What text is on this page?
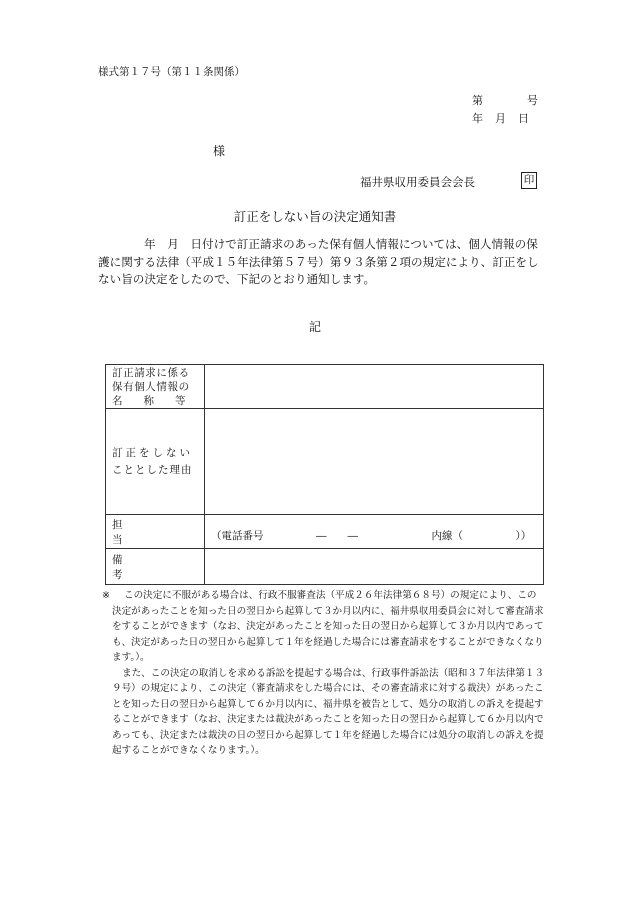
様式第１７号（第１１条関係）
第	号
年 月 日
様
福井県収用委員会会長	印
訂正をしない旨の決定通知書

年　月　日付けで訂正請求のあった保有個人情報については、個人情報の保護に関する法律（平成１５年法律第５７号）第９３条第２項の規定により、訂正をしない旨の決定をしたので、下記のとおり通知します。

記
訂正請求に係る
保有個人情報の
名　　称　　等	

訂正をしない
こととした理由	

担当	（電話番号　　　　　―　　―　　　　　　　内線（　　　　　））

備考	

※ この決定に不服がある場合は、行政不服審査法（平成２６年法律第６８号）の規定により、この決定があったことを知った日の翌日から起算して３か月以内に、福井県収用委員会に対して審査請求をすることができます（なお、決定があったことを知った日の翌日から起算して３か月以内であっても、決定があった日の翌日から起算して１年を経過した場合には審査請求をすることができなくなります。）。

また、この決定の取消しを求める訴訟を提起する場合は、行政事件訴訟法（昭和３７年法律第１３９号）の規定により、この決定（審査請求をした場合には、その審査請求に対する裁決）があったことを知った日の翌日から起算して６か月以内に、福井県を被告として、処分の取消しの訴えを提起することができます（なお、決定または裁決があったことを知った日の翌日から起算して６か月以内であっても、決定または裁決の日の翌日から起算して１年を経過した場合には処分の取消しの訴えを提起することができなくなります。）。
